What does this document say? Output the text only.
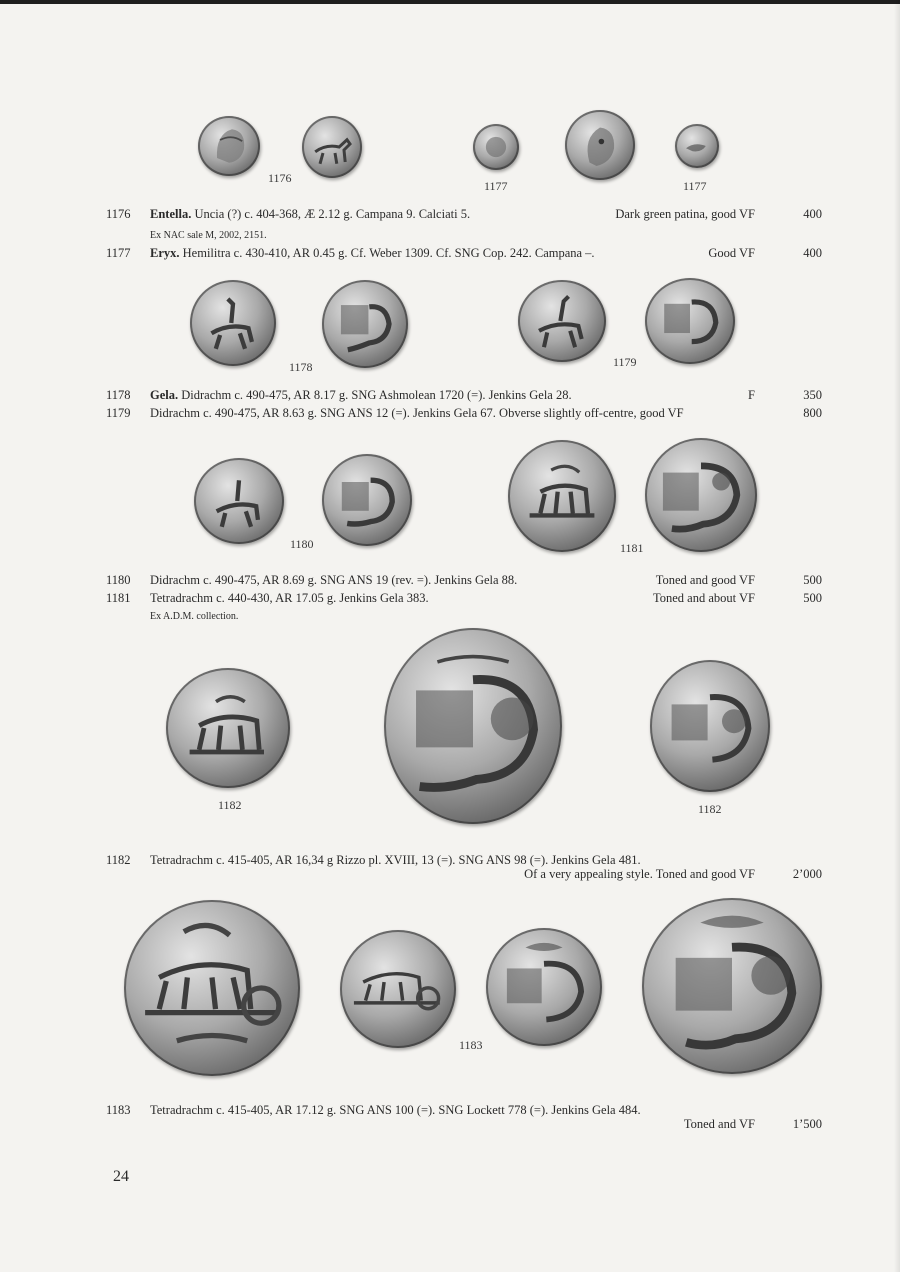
1176
1177	1177
1176 Entella. Uncia (?) c. 404-368, Æ 2.12 g. Campana 9. Calciati 5.	Dark green patina, good VF	400
Ex NAC sale M, 2002, 2151.
1177 Eryx. Hemilitra c. 430-410, AR 0.45 g. Cf. Weber 1309. Cf. SNG Cop. 242. Campana –.	Good VF	400
1178	1179
1178 Gela. Didrachm c. 490-475, AR 8.17 g. SNG Ashmolean 1720 (=). Jenkins Gela 28.	F	350
1179 Didrachm c. 490-475, AR 8.63 g. SNG ANS 12 (=). Jenkins Gela 67. Obverse slightly off-centre, good VF	800
1180	1181
1180 Didrachm c. 490-475, AR 8.69 g. SNG ANS 19 (rev. =). Jenkins Gela 88.	Toned and good VF	500
1181 Tetradrachm c. 440-430, AR 17.05 g. Jenkins Gela 383.	Toned and about VF	500
Ex A.D.M. collection.
1182	1182
1182 Tetradrachm c. 415-405, AR 16,34 g Rizzo pl. XVIII, 13 (=). SNG ANS 98 (=). Jenkins Gela 481.
Of a very appealing style. Toned and good VF	2’000
1183
1183 Tetradrachm c. 415-405, AR 17.12 g. SNG ANS 100 (=). SNG Lockett 778 (=). Jenkins Gela 484.
Toned and VF	1’500
24
